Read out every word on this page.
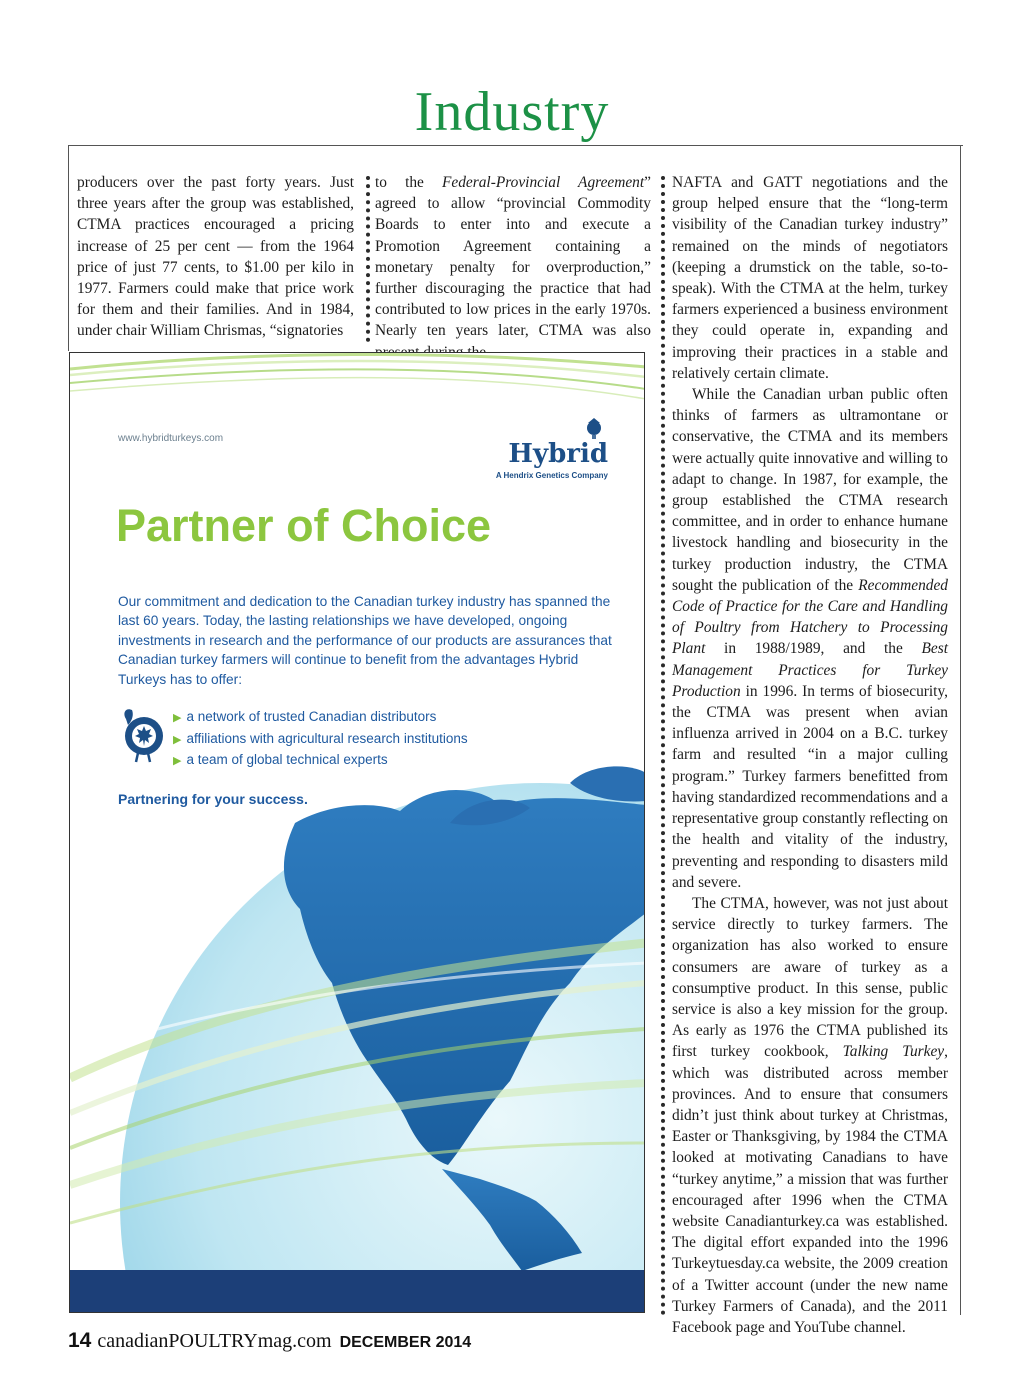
Industry

producers over the past forty years. Just three years after the group was established, CTMA practices encouraged a pricing increase of 25 per cent — from the 1964 price of just 77 cents, to $1.00 per kilo in 1977. Farmers could make that price work for them and their families. And in 1984, under chair William Chrismas, “signatories

to the Federal-Provincial Agreement” agreed to allow “provincial Commodity Boards to enter into and execute a Promotion Agreement containing a monetary penalty for overproduction,” further discouraging the practice that had contributed to low prices in the early 1970s. Nearly ten years later, CTMA was also

NAFTA and GATT negotiations and the group helped ensure that the “long-term visibility of the Canadian turkey industry” remained on the minds of negotiators (keeping a drumstick on the table, so-to-speak). With the CTMA at the helm, turkey farmers experienced a business environment they could operate in, expanding and improving their practices in a stable and relatively certain climate.

While the Canadian urban public often thinks of farmers as ultramontane or conservative, the CTMA and its members were actually quite innovative and willing to adapt to change. In 1987, for example, the group established the CTMA research committee, and in order to enhance humane livestock handling and biosecurity in the turkey production industry, the CTMA sought the publication of the Recommended Code of Practice for the Care and Handling of Poultry from Hatchery to Processing Plant in 1988/1989, and the Best Management Practices for Turkey Production in 1996. In terms of biosecurity, the CTMA was present when avian influenza arrived in 2004 on a B.C. turkey farm and resulted “in a major culling program.” Turkey farmers benefitted from having standardized recommendations and a representative group constantly reflecting on the health and vitality of the industry, preventing and responding to disasters mild and severe.

The CTMA, however, was not just about service directly to turkey farmers. The organization has also worked to ensure consumers are aware of turkey as a consumptive product. In this sense, public service is also a key mission for the group. As early as 1976 the CTMA published its first turkey cookbook, Talking Turkey, which was distributed across member provinces. And to ensure that consumers didn’t just think about turkey at Christmas, Easter or Thanksgiving, by 1984 the CTMA looked at motivating Canadians to have “turkey anytime,” a mission that was further encouraged after 1996 when the CTMA website Canadianturkey.ca was established. The digital effort expanded into the 1996 Turkeytuesday.ca website, the 2009 creation of a Twitter account (under the new name Turkey Farmers of Canada), and the 2011 Facebook page and YouTube channel.

www.hybridturkeys.com

Hybrid
A Hendrix Genetics Company
Partner of Choice

Our commitment and dedication to the Canadian turkey industry has spanned the last 60 years. Today, the lasting relationships we have developed, ongoing investments in research and the performance of our products are assurances that Canadian turkey farmers will continue to benefit from the advantages Hybrid Turkeys has to offer:

▶ a network of trusted Canadian distributors
▶ affiliations with agricultural research institutions
▶ a team of global technical experts

Partnering for your success.

14 canadianPOULTRYmag.com DECEMBER 2014
